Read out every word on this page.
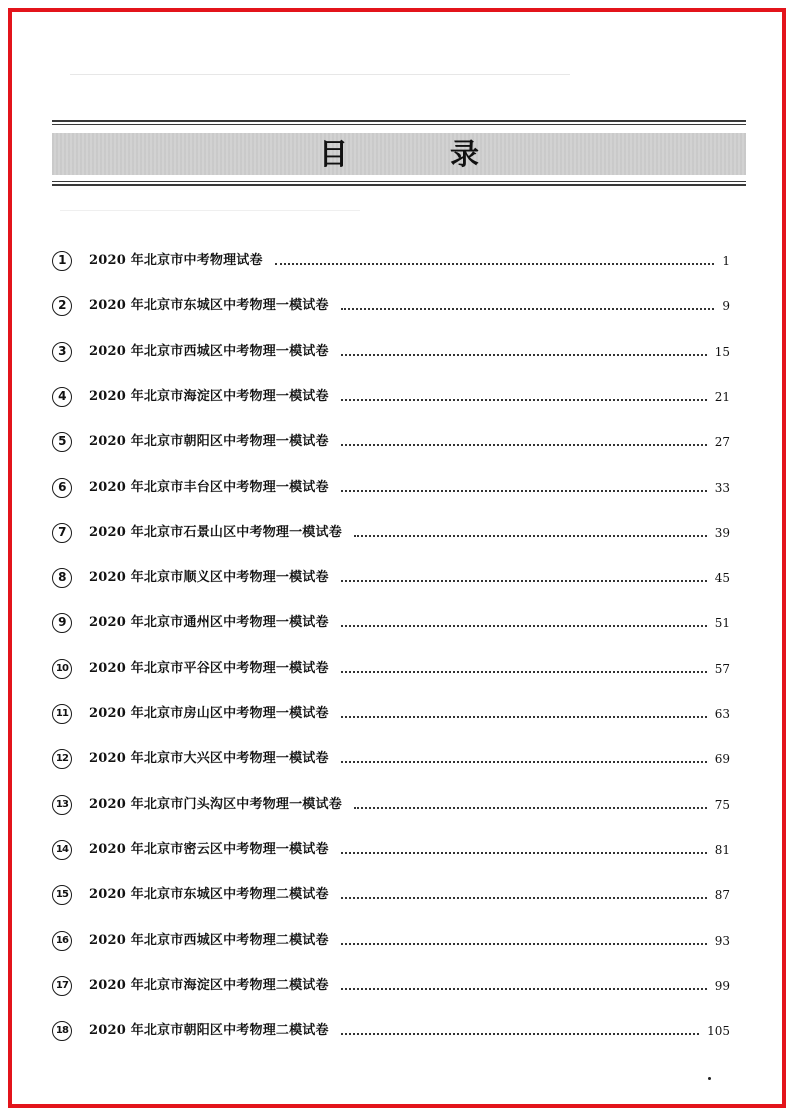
目 录
1	2020 年北京市中考物理试卷	1
2	2020 年北京市东城区中考物理一模试卷	9
3	2020 年北京市西城区中考物理一模试卷	15
4	2020 年北京市海淀区中考物理一模试卷	21
5	2020 年北京市朝阳区中考物理一模试卷	27
6	2020 年北京市丰台区中考物理一模试卷	33
7	2020 年北京市石景山区中考物理一模试卷	39
8	2020 年北京市顺义区中考物理一模试卷	45
9	2020 年北京市通州区中考物理一模试卷	51
10 2020 年北京市平谷区中考物理一模试卷	57
11 2020 年北京市房山区中考物理一模试卷	63
12 2020 年北京市大兴区中考物理一模试卷	69
13 2020 年北京市门头沟区中考物理一模试卷	75
14 2020 年北京市密云区中考物理一模试卷	81
15 2020 年北京市东城区中考物理二模试卷	87
16 2020 年北京市西城区中考物理二模试卷	93
17 2020 年北京市海淀区中考物理二模试卷	99
18 2020 年北京市朝阳区中考物理二模试卷	105
